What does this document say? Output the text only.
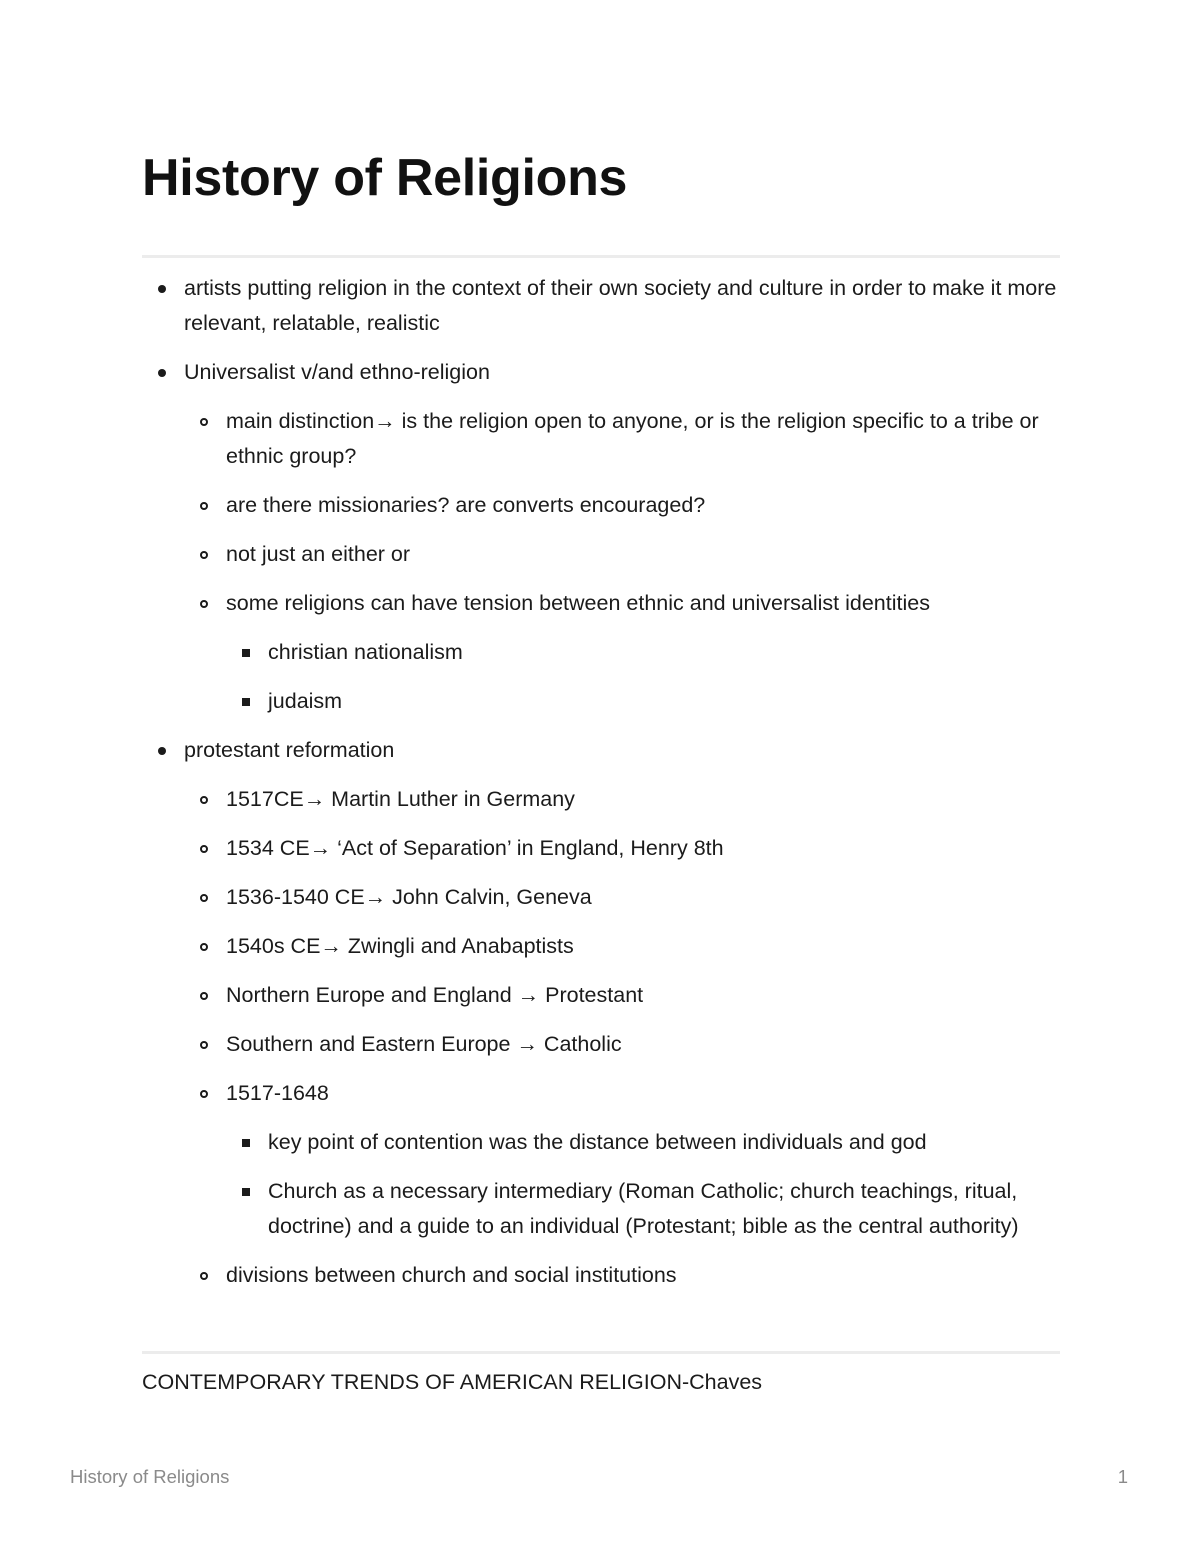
History of Religions
artists putting religion in the context of their own society and culture in order to make it more relevant, relatable, realistic
Universalist v/and ethno-religion
main distinction→ is the religion open to anyone, or is the religion specific to a tribe or ethnic group?
are there missionaries? are converts encouraged?
not just an either or
some religions can have tension between ethnic and universalist identities
christian nationalism
judaism
protestant reformation
1517CE→ Martin Luther in Germany
1534 CE→ ‘Act of Separation’ in England, Henry 8th
1536-1540 CE→ John Calvin, Geneva
1540s CE→ Zwingli and Anabaptists
Northern Europe and England → Protestant
Southern and Eastern Europe → Catholic
1517-1648
key point of contention was the distance between individuals and god
Church as a necessary intermediary (Roman Catholic; church teachings, ritual, doctrine) and a guide to an individual (Protestant; bible as the central authority)
divisions between church and social institutions

CONTEMPORARY TRENDS OF AMERICAN RELIGION-Chaves

History of Religions	1
